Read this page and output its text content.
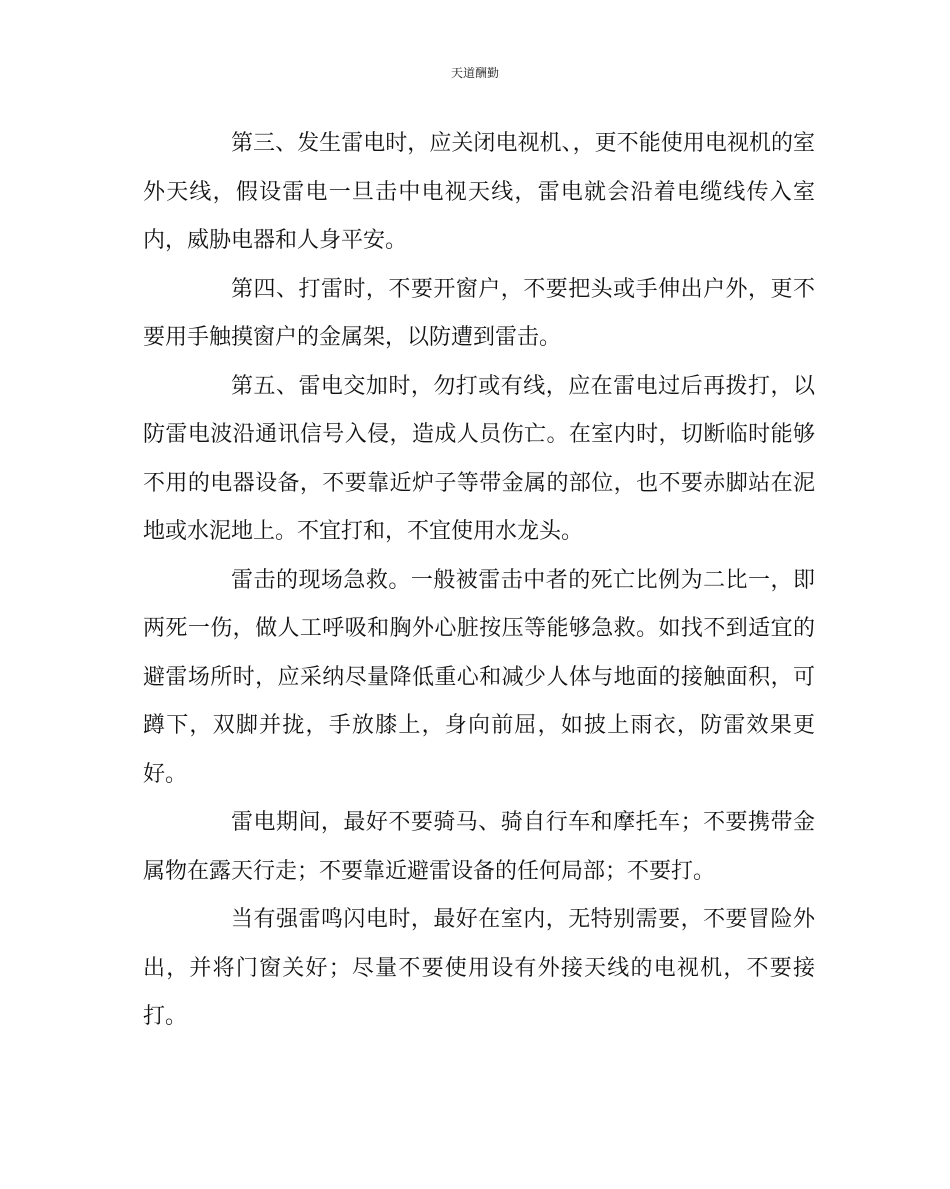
天道酬勤

第三、发生雷电时，应关闭电视机、，更不能使用电视机的室外天线，假设雷电一旦击中电视天线，雷电就会沿着电缆线传入室内，威胁电器和人身平安。

第四、打雷时，不要开窗户，不要把头或手伸出户外，更不要用手触摸窗户的金属架，以防遭到雷击。

第五、雷电交加时，勿打或有线，应在雷电过后再拨打，以防雷电波沿通讯信号入侵，造成人员伤亡。在室内时，切断临时能够不用的电器设备，不要靠近炉子等带金属的部位，也不要赤脚站在泥地或水泥地上。不宜打和，不宜使用水龙头。

雷击的现场急救。一般被雷击中者的死亡比例为二比一，即两死一伤，做人工呼吸和胸外心脏按压等能够急救。如找不到适宜的避雷场所时，应采纳尽量降低重心和减少人体与地面的接触面积，可蹲下，双脚并拢，手放膝上，身向前屈，如披上雨衣，防雷效果更好。

雷电期间，最好不要骑马、骑自行车和摩托车；不要携带金属物在露天行走；不要靠近避雷设备的任何局部；不要打。

当有强雷鸣闪电时，最好在室内，无特别需要，不要冒险外出，并将门窗关好；尽量不要使用设有外接天线的电视机，不要接打。
